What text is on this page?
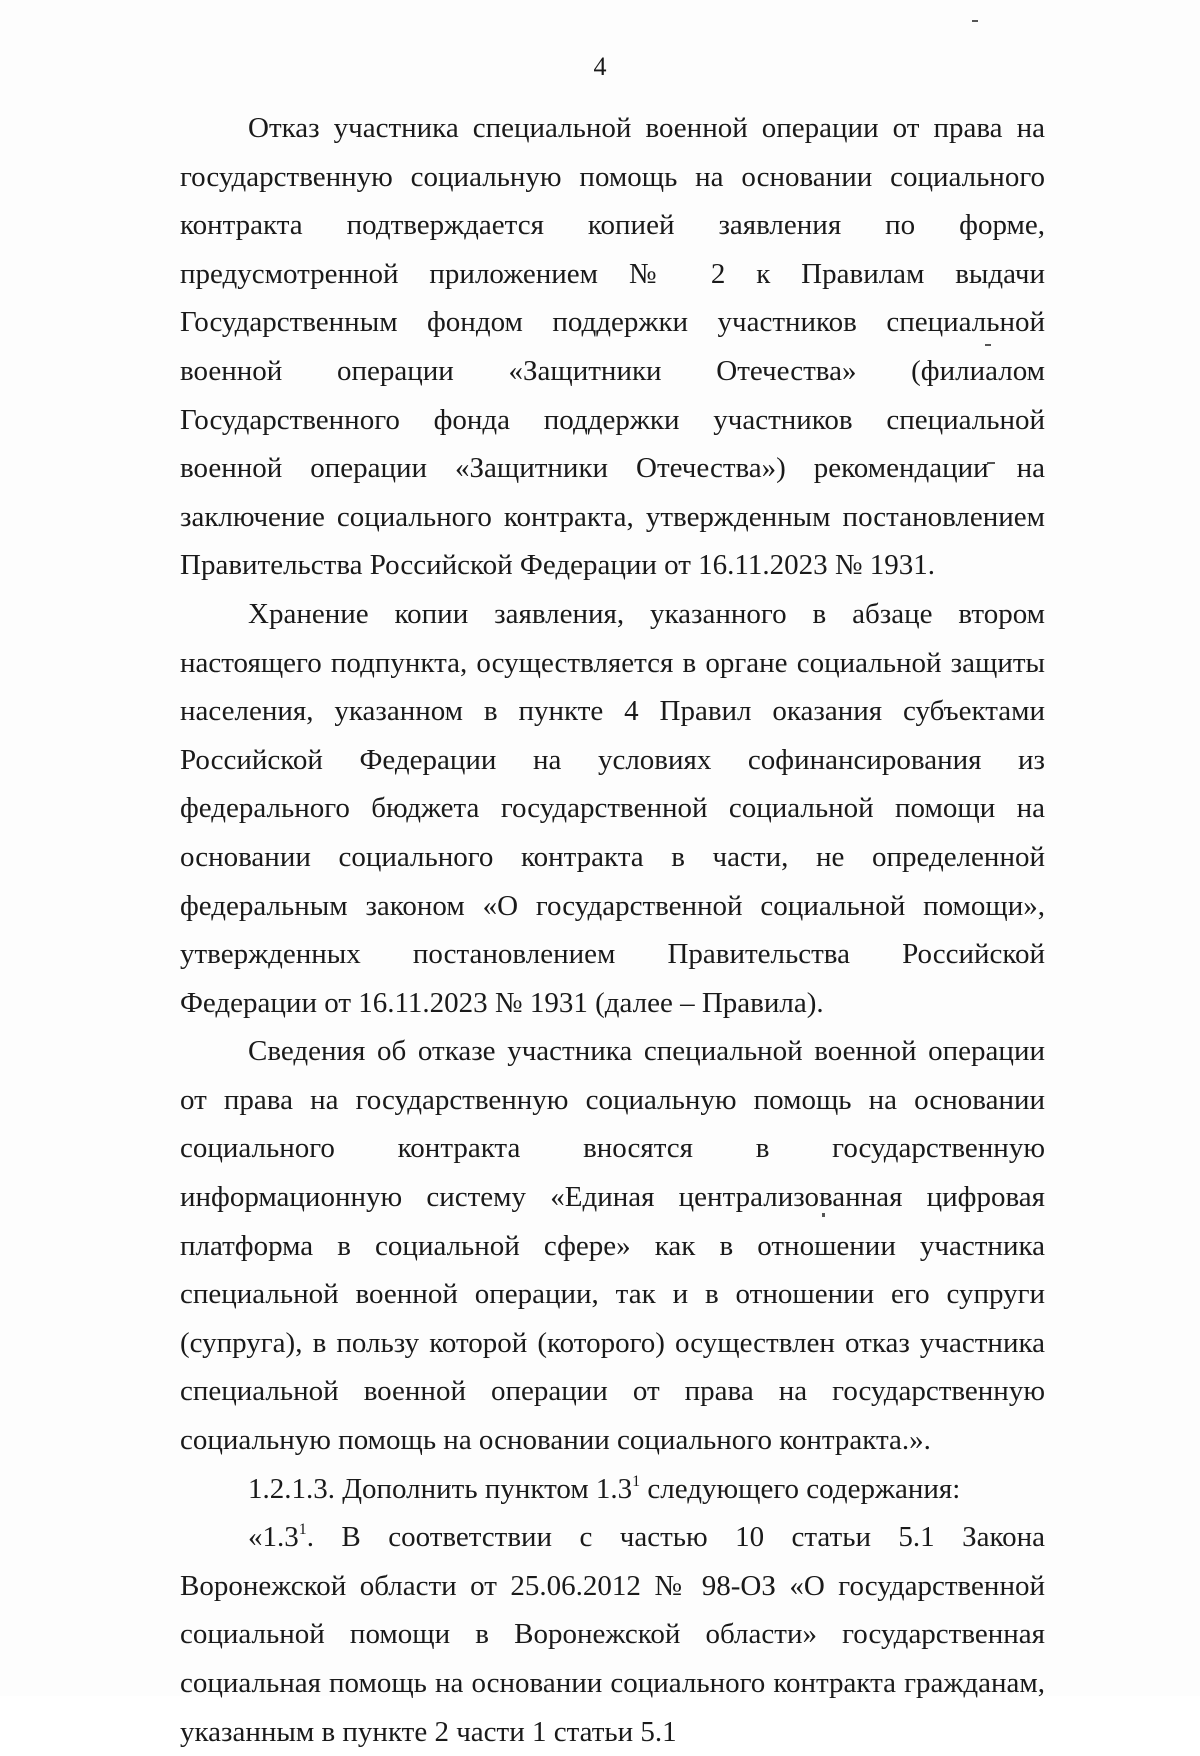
4

Отказ участника специальной военной операции от права на государственную социальную помощь на основании социального контракта подтверждается копией заявления по форме, предусмотренной приложением № 2 к Правилам выдачи Государственным фондом поддержки участников специальной военной операции «Защитники Отечества» (филиалом Государственного фонда поддержки участников специальной военной операции «Защитники Отечества») рекомендации на заключение социального контракта, утвержденным постановлением Правительства Российской Федерации от 16.11.2023 № 1931.

Хранение копии заявления, указанного в абзаце втором настоящего подпункта, осуществляется в органе социальной защиты населения, указанном в пункте 4 Правил оказания субъектами Российской Федерации на условиях софинансирования из федерального бюджета государственной социальной помощи на основании социального контракта в части, не определенной федеральным законом «О государственной социальной помощи», утвержденных постановлением Правительства Российской Федерации от 16.11.2023 № 1931 (далее – Правила).

Сведения об отказе участника специальной военной операции от права на государственную социальную помощь на основании социального контракта вносятся в государственную информационную систему «Единая централизованная цифровая платформа в социальной сфере» как в отношении участника специальной военной операции, так и в отношении его супруги (супруга), в пользу которой (которого) осуществлен отказ участника специальной военной операции от права на государственную социальную помощь на основании социального контракта.».

1.2.1.3. Дополнить пунктом $1.3^1$ следующего содержания:

«$1.3^1$. В соответствии с частью 10 статьи 5.1 Закона Воронежской области от 25.06.2012 № 98-ОЗ «О государственной социальной помощи в Воронежской области» государственная социальная помощь на основании социального контракта гражданам, указанным в пункте 2 части 1 статьи 5.1
